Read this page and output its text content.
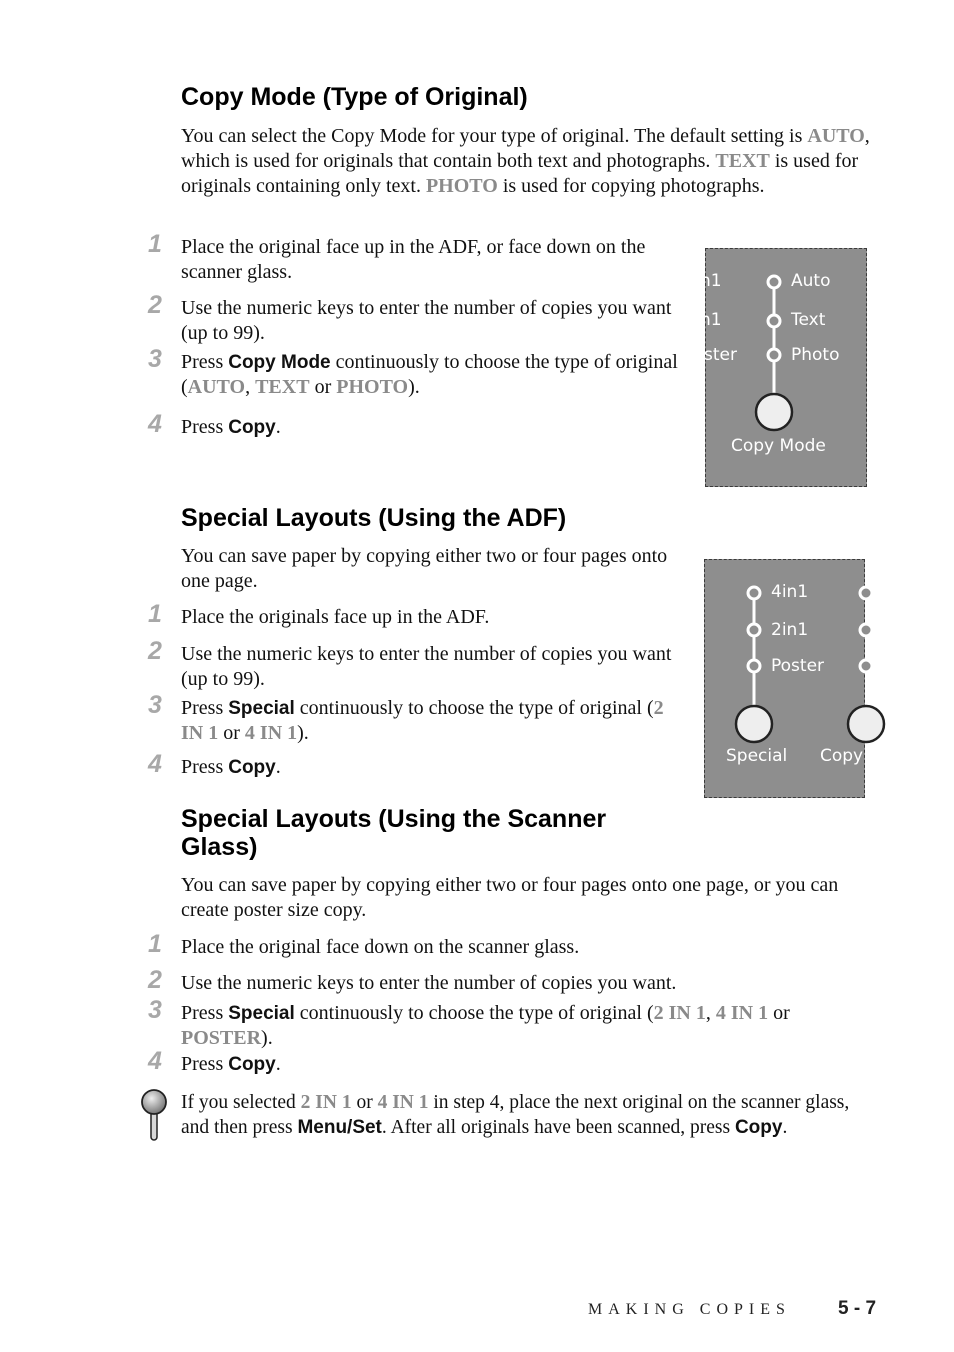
Copy Mode (Type of Original)

You can select the Copy Mode for your type of original. The default setting is AUTO, which is used for originals that contain both text and photographs. TEXT is used for originals containing only text. PHOTO is used for copying photographs.

1 Place the original face up in the ADF, or face down on the scanner glass.
2 Use the numeric keys to enter the number of copies you want (up to 99).
3 Press Copy Mode continuously to choose the type of original (AUTO, TEXT or PHOTO).
4 Press Copy.
n1
n1
ster
Auto
Text
Photo
Copy Mode
Special Layouts (Using the ADF)

You can save paper by copying either two or four pages onto one page.

1 Place the originals face up in the ADF.
2 Use the numeric keys to enter the number of copies you want (up to 99).
3 Press Special continuously to choose the type of original (2 IN 1 or 4 IN 1).
4 Press Copy.
4in1
2in1
Poster
Special Copy
Special Layouts (Using the Scanner Glass)

You can save paper by copying either two or four pages onto one page, or you can create poster size copy.

1 Place the original face down on the scanner glass.
2 Use the numeric keys to enter the number of copies you want.
3 Press Special continuously to choose the type of original (2 IN 1, 4 IN 1 or POSTER).
4 Press Copy.

If you selected 2 IN 1 or 4 IN 1 in step 4, place the next original on the scanner glass, and then press Menu/Set. After all originals have been scanned, press Copy.

MAKING COPIES 5 - 7
